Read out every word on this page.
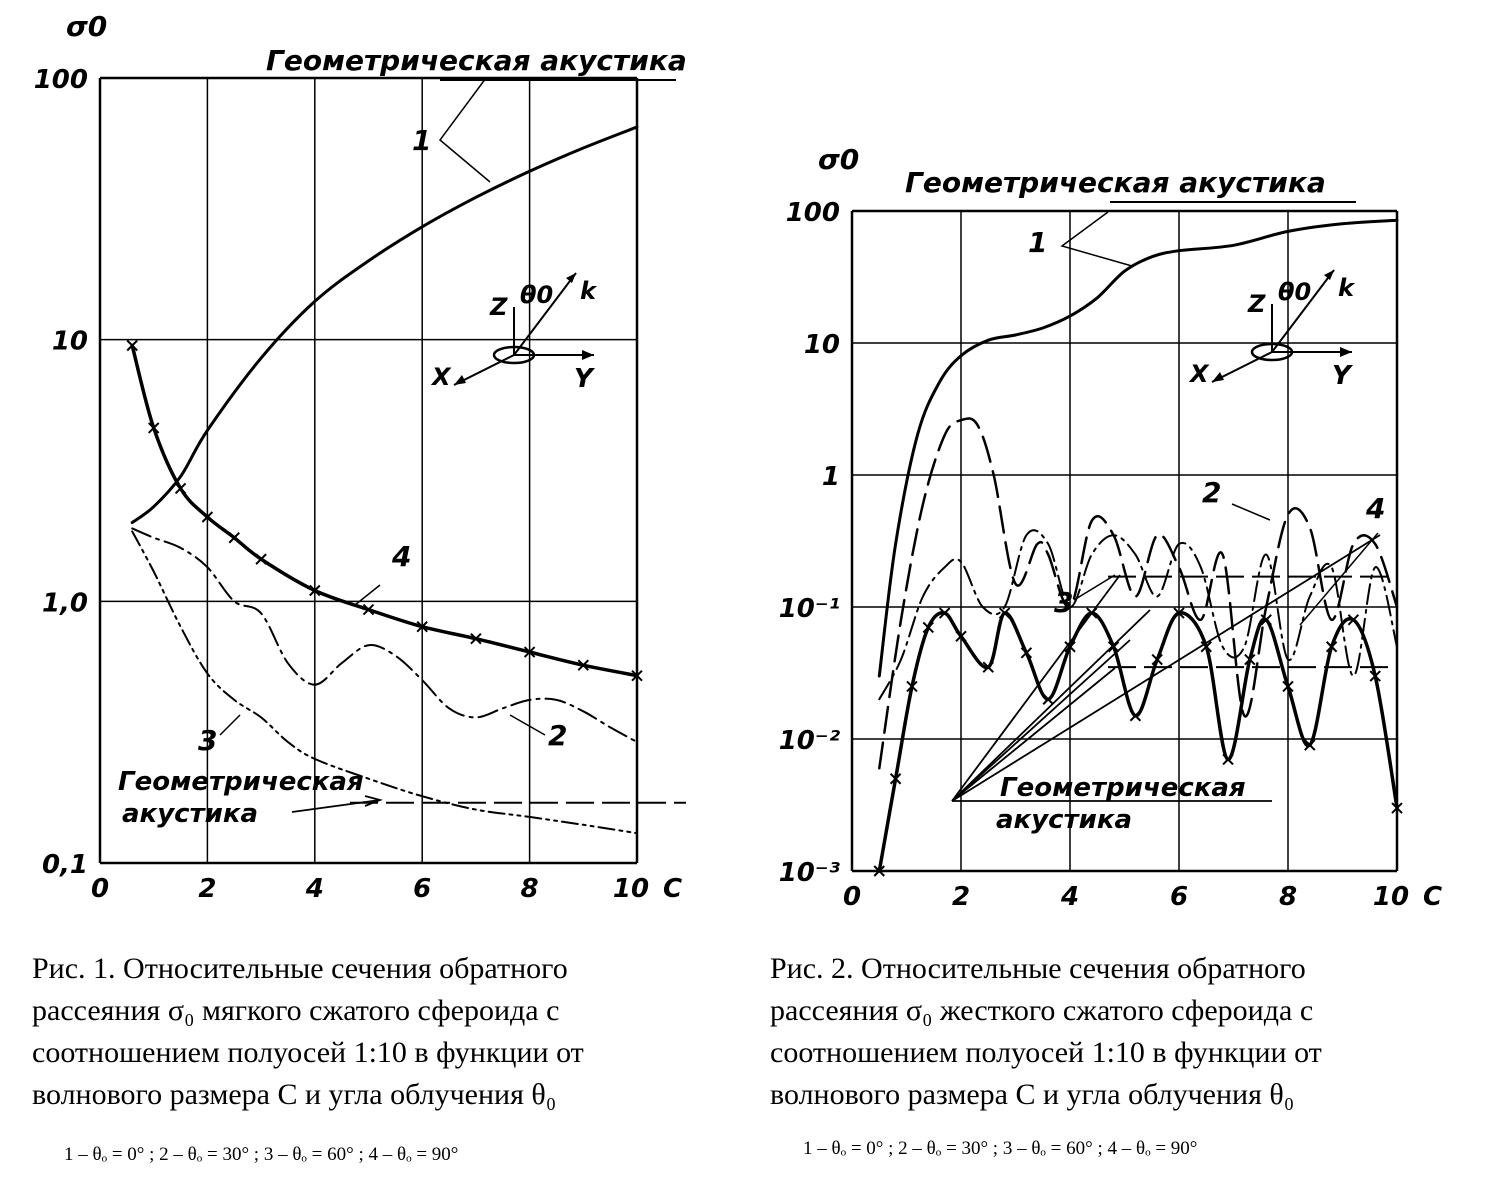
0	2	4	6	8	10
0,1
1,0
10
100
C
σ0
Геометрическая акустика
1
4
2
3
Геометрическая
акустика
Z θ0 k
X	Y
0	2	4	6	8	10
10⁻³
10⁻²
10⁻¹
1
10
100
C
σ0
Геометрическая акустика
1
2
3
4
Геометрическая
акустика
Z θ0 k
X	Y

Рис. 1. Относительные сечения обратного

рассеяния σ₀ мягкого сжатого сфероида с

соотношением полуосей 1:10 в функции от

волнового размера С и угла облучения θ₀

1 – θₒ = 0° ; 2 – θₒ = 30° ; 3 – θₒ = 60° ; 4 – θₒ = 90°

Рис. 2. Относительные сечения обратного

рассеяния σ₀ жесткого сжатого сфероида с

соотношением полуосей 1:10 в функции от

волнового размера С и угла облучения θ₀

1 – θₒ = 0° ; 2 – θₒ = 30° ; 3 – θₒ = 60° ; 4 – θₒ = 90°
